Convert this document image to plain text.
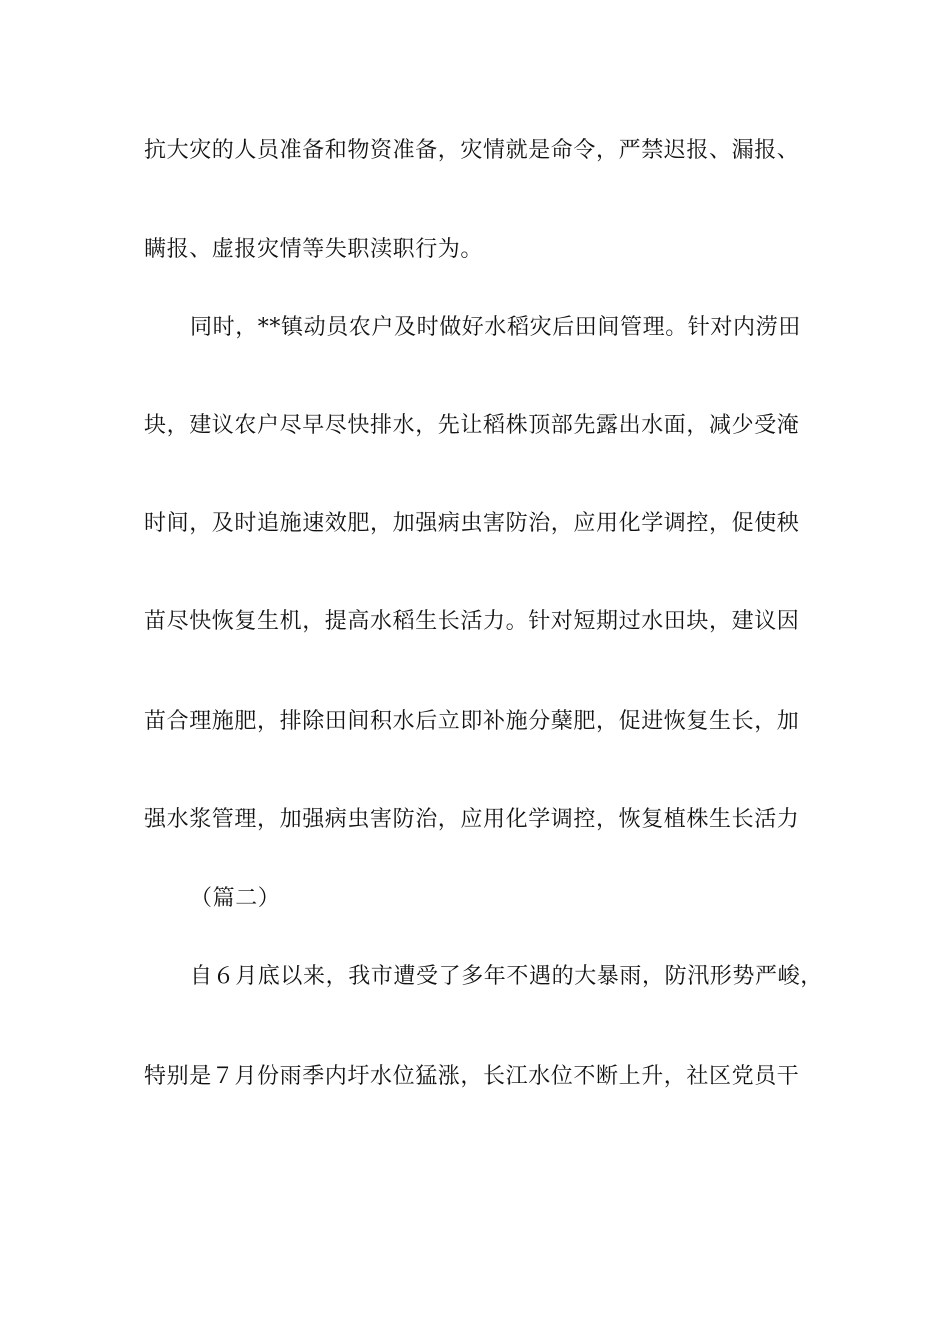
抗大灾的人员准备和物资准备，灾情就是命令，严禁迟报、漏报、
瞒报、虚报灾情等失职渎职行为。
同时，**镇动员农户及时做好水稻灾后田间管理。针对内涝田
块，建议农户尽早尽快排水，先让稻株顶部先露出水面，减少受淹
时间，及时追施速效肥，加强病虫害防治，应用化学调控，促使秧
苗尽快恢复生机，提高水稻生长活力。针对短期过水田块，建议因
苗合理施肥，排除田间积水后立即补施分蘖肥，促进恢复生长，加
强水浆管理，加强病虫害防治，应用化学调控，恢复植株生长活力
（篇二）
自６月底以来，我市遭受了多年不遇的大暴雨，防汛形势严峻，
特别是７月份雨季内圩水位猛涨，长江水位不断上升，社区党员干
